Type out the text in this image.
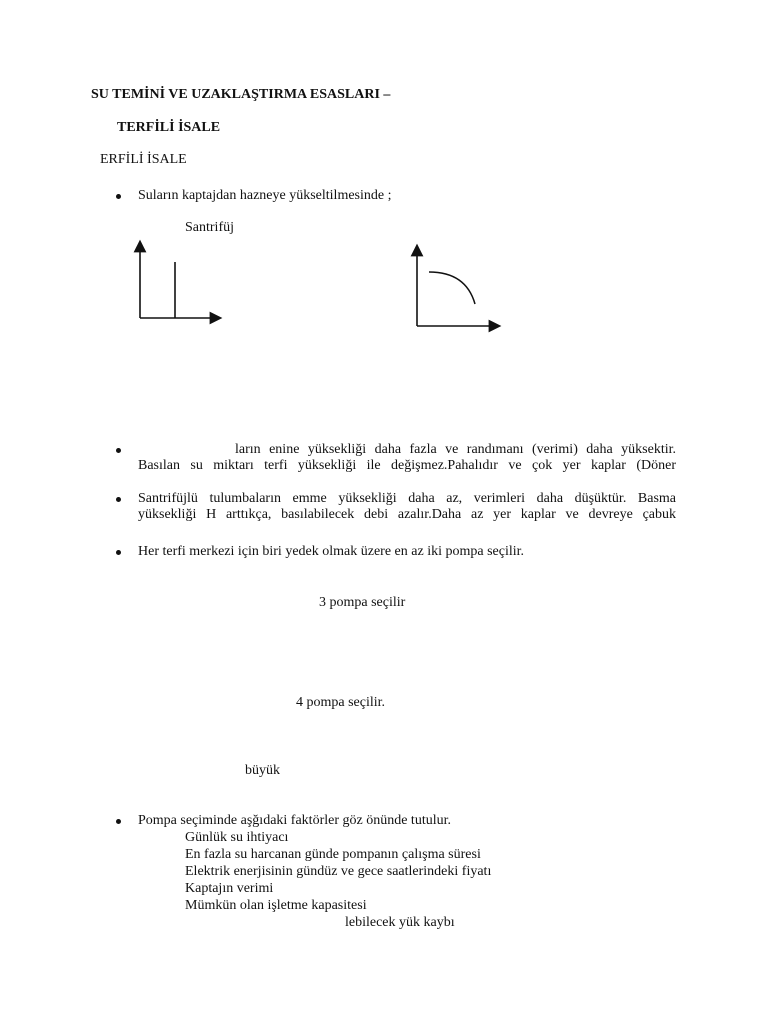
SU TEMİNİ VE UZAKLAŞTIRMA ESASLARI –
TERFİLİ İSALE
ERFİLİ İSALE
Suların kaptajdan hazneye yükseltilmesinde ;
Santrifüj
ların enine yüksekliği daha fazla ve randımanı (verimi) daha yüksektir.
Basılan su miktarı terfi yüksekliği ile değişmez.Pahalıdır ve çok yer kaplar (Döner
Santrifüjlü tulumbaların emme yüksekliği daha az, verimleri daha düşüktür. Basma
yüksekliği H arttıkça, basılabilecek debi azalır.Daha az yer kaplar ve devreye çabuk
Her terfi merkezi için biri yedek olmak üzere en az iki pompa seçilir.
3 pompa seçilir
4 pompa seçilir.
büyük
Pompa seçiminde aşğıdaki faktörler göz önünde tutulur.
Günlük su ihtiyacı
En fazla su harcanan günde pompanın çalışma süresi
Elektrik enerjisinin gündüz ve gece saatlerindeki fiyatı
Kaptajın verimi
Mümkün olan işletme kapasitesi
lebilecek yük kaybı
